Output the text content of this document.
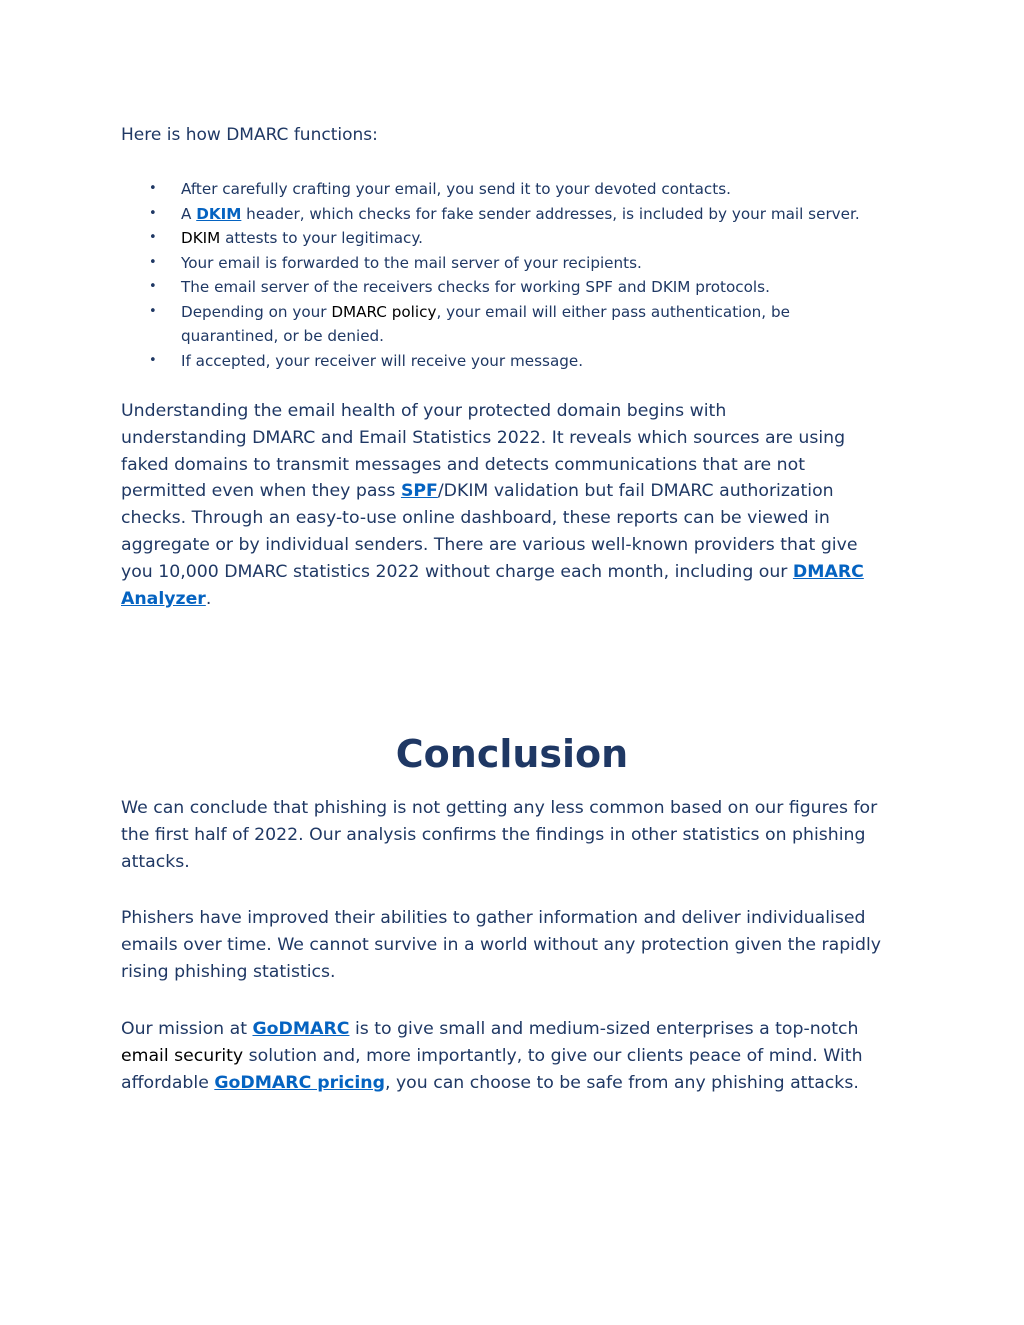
Here is how DMARC functions:

• After carefully crafting your email, you send it to your devoted contacts.
• A DKIM header, which checks for fake sender addresses, is included by your mail server.
• DKIM attests to your legitimacy.
• Your email is forwarded to the mail server of your recipients.
• The email server of the receivers checks for working SPF and DKIM protocols.
• Depending on your DMARC policy, your email will either pass authentication, be
quarantined, or be denied.
• If accepted, your receiver will receive your message.

Understanding the email health of your protected domain begins with
understanding DMARC and Email Statistics 2022. It reveals which sources are using
faked domains to transmit messages and detects communications that are not
permitted even when they pass SPF/DKIM validation but fail DMARC authorization
checks. Through an easy-to-use online dashboard, these reports can be viewed in
aggregate or by individual senders. There are various well-known providers that give
you 10,000 DMARC statistics 2022 without charge each month, including our DMARC
Analyzer.

Conclusion

We can conclude that phishing is not getting any less common based on our figures for
the first half of 2022. Our analysis confirms the findings in other statistics on phishing
attacks.

Phishers have improved their abilities to gather information and deliver individualised
emails over time. We cannot survive in a world without any protection given the rapidly
rising phishing statistics.

Our mission at GoDMARC is to give small and medium-sized enterprises a top-notch
email security solution and, more importantly, to give our clients peace of mind. With
affordable GoDMARC pricing, you can choose to be safe from any phishing attacks.
